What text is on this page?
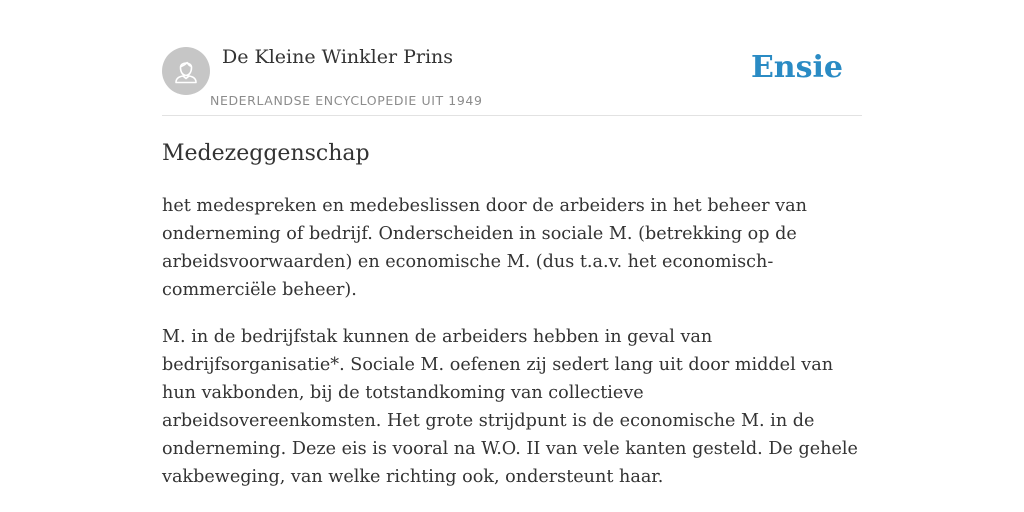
De Kleine Winkler Prins
NEDERLANDSE ENCYCLOPEDIE UIT 1949
Ensie
Medezeggenschap

het medespreken en medebeslissen door de arbeiders in het beheer van onderneming of bedrijf. Onderscheiden in sociale M. (betrekking op de arbeidsvoorwaarden) en economische M. (dus t.a.v. het economisch-commerciële beheer).

M. in de bedrijfstak kunnen de arbeiders hebben in geval van bedrijfsorganisatie*. Sociale M. oefenen zij sedert lang uit door middel van hun vakbonden, bij de totstandkoming van collectieve arbeidsovereenkomsten. Het grote strijdpunt is de economische M. in de onderneming. Deze eis is vooral na W.O. II van vele kanten gesteld. De gehele vakbeweging, van welke richting ook, ondersteunt haar.
